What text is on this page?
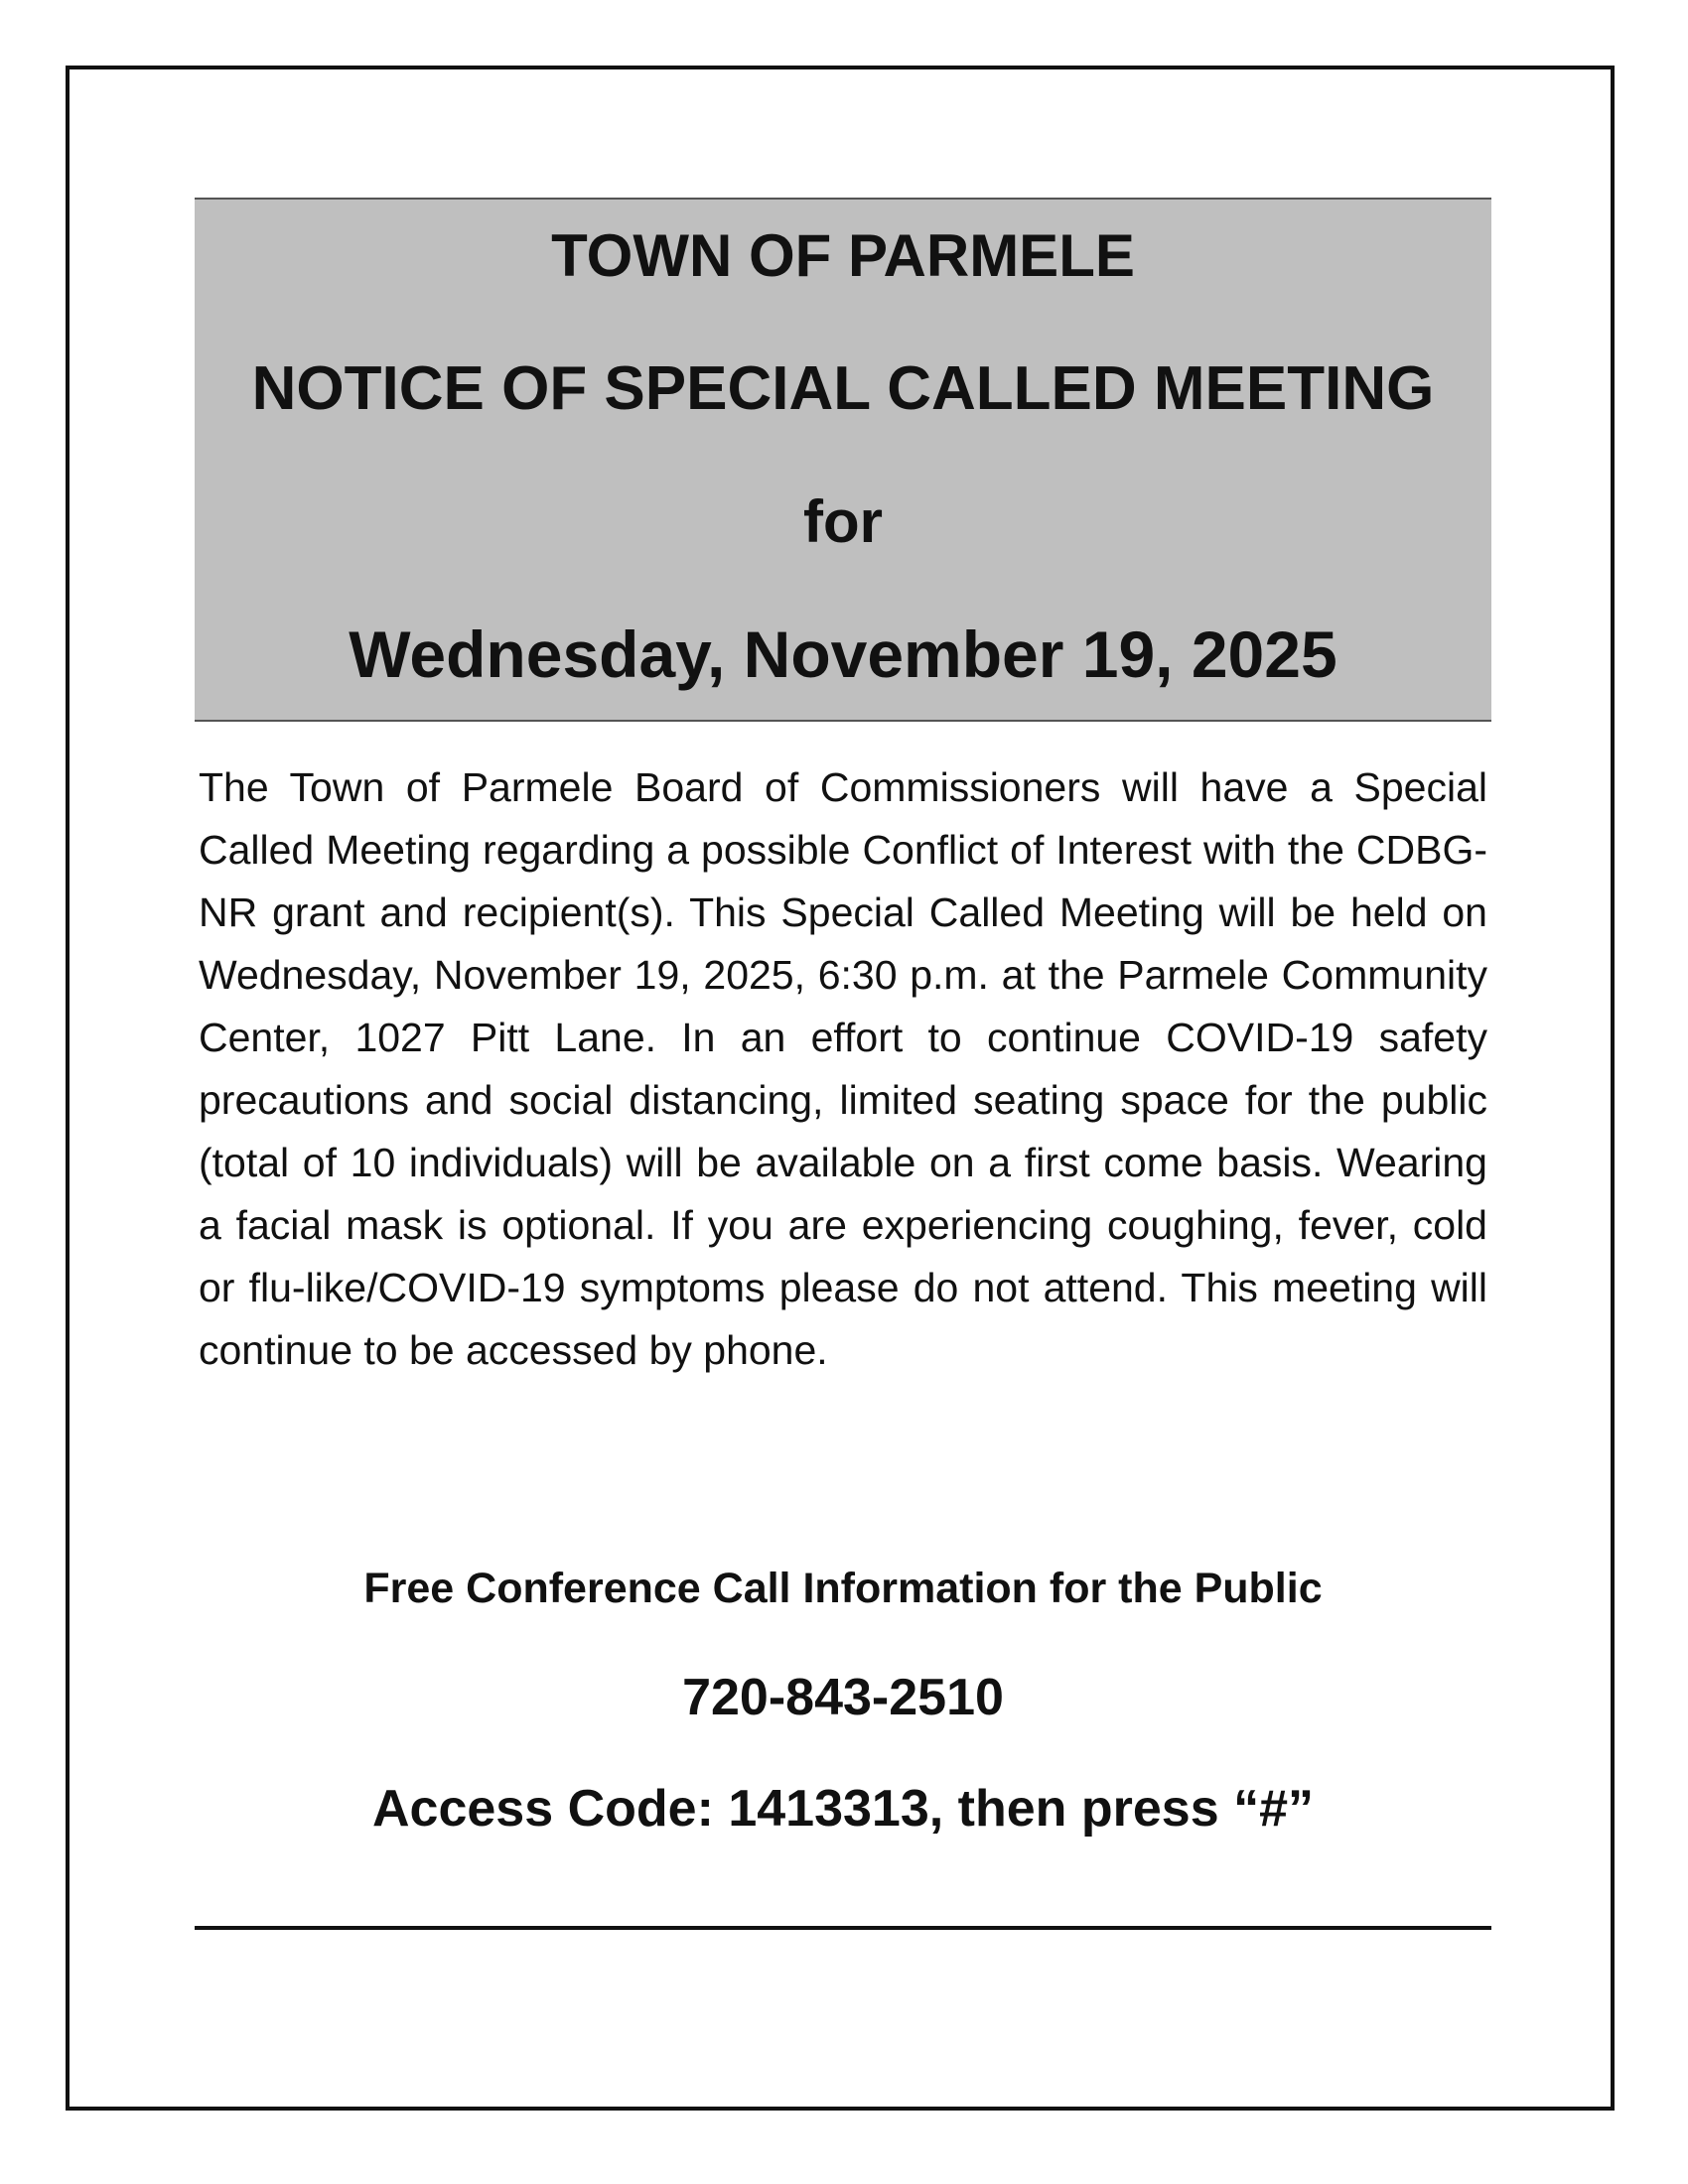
TOWN OF PARMELE
NOTICE OF SPECIAL CALLED MEETING
for
Wednesday, November 19, 2025
The Town of Parmele Board of Commissioners will have a Special Called Meeting regarding a possible Conflict of Interest with the CDBG-NR grant and recipient(s). This Special Called Meeting will be held on Wednesday, November 19, 2025, 6:30 p.m. at the Parmele Community Center, 1027 Pitt Lane. In an effort to continue COVID-19 safety precautions and social distancing, limited seating space for the public (total of 10 individuals) will be available on a first come basis. Wearing a facial mask is optional. If you are experiencing coughing, fever, cold or flu-like/COVID-19 symptoms please do not attend. This meeting will continue to be accessed by phone.
Free Conference Call Information for the Public
720-843-2510
Access Code: 1413313, then press “#”
